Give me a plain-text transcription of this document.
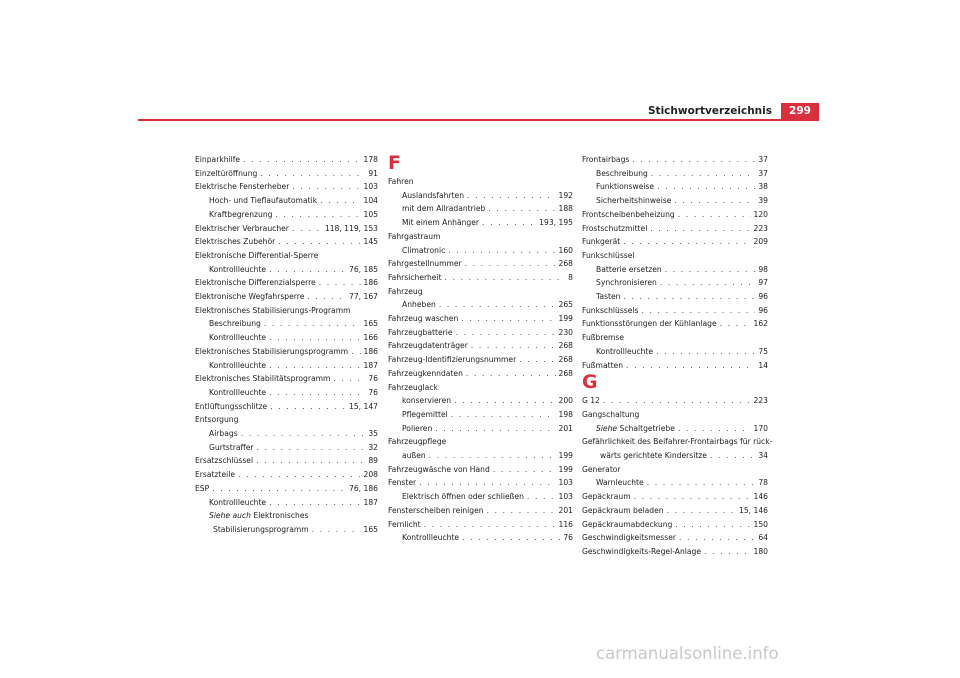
Stichwortverzeichnis	299
Einparkhilfe . . .	178
Einzeltüröffnung . . .	91
Elektrische Fensterheber . . .	103
Hoch- und Tieflaufautomatik . . .	104
Kraftbegrenzung . . .	105
Elektrischer Verbraucher . . .	118, 119, 153
Elektrisches Zubehör . . .	145
Elektronische Differential-Sperre
Kontrollleuchte . . .	76, 185
Elektronische Differenzialsperre . . .	186
Elektronische Wegfahrsperre . . .	77, 167
Elektronisches Stabilisierungs-Programm
Beschreibung . . .	165
Kontrollleuchte . . .	166
Elektronisches Stabilisierungsprogramm . . . 186
Kontrollleuchte . . .	187
Elektronisches Stabilitätsprogramm . . .	76
Kontrollleuchte . . .	76
Entlüftungsschlitze . . .	15, 147
Entsorgung
Airbags . . .	35
Gurtstraffer . . .	32
Ersatzschlüssel . . .	89
Ersatzteile . . .	208
ESP . . .	76, 186
Kontrollleuchte . . .	187
Siehe auch Elektronisches
Stabilisierungsprogramm . . .	165
F
Fahren
Auslandsfahrten . . .	192
mit dem Allradantrieb . . .	188
Mit einem Anhänger . . .	193, 195
Fahrgastraum
Climatronic . . .	160
Fahrgestellnummer . . .	268
Fahrsicherheit . . .	8
Fahrzeug
Anheben . . .	265
Fahrzeug waschen . . .	199
Fahrzeugbatterie . . .	230
Fahrzeugdatenträger . . .	268
Fahrzeug-Identifizierungsnummer . . .	268
Fahrzeugkenndaten . . .	268
Fahrzeuglack
konservieren . . .	200
Pflegemittel . . .	198
Polieren . . .	201
Fahrzeugpflege
außen . . .	199
Fahrzeugwäsche von Hand . . .	199
Fenster . . .	103
Elektrisch öffnen oder schließen . . .	103
Fensterscheiben reinigen . . .	201
Fernlicht . . .	116
Kontrollleuchte . . .	76
Frontairbags . . .	37
Beschreibung . . .	37
Funktionsweise . . .	38
Sicherheitshinweise . . .	39
Frontscheibenbeheizung . . .	120
Frostschutzmittel . . .	223
Funkgerät . . .	209
Funkschlüssel
Batterie ersetzen . . .	98
Synchronisieren . . .	97
Tasten . . .	96
Funkschlüssels . . .	96
Funktionsstörungen der Kühlanlage . . .	162
Fußbremse
Kontrollleuchte . . .	75
Fußmatten . . .	14
G
G 12 . . .	223
Gangschaltung
Siehe Schaltgetriebe . . .	170
Gefährlichkeit des Beifahrer-Frontairbags für rück-
wärts gerichtete Kindersitze . . .	34
Generator
Warnleuchte . . .	78
Gepäckraum . . .	146
Gepäckraum beladen . . .	15, 146
Gepäckraumabdeckung . . .	150
Geschwindigkeitsmesser . . .	64
Geschwindigkeits-Regel-Anlage . . .	180
carmanualsonline.info
